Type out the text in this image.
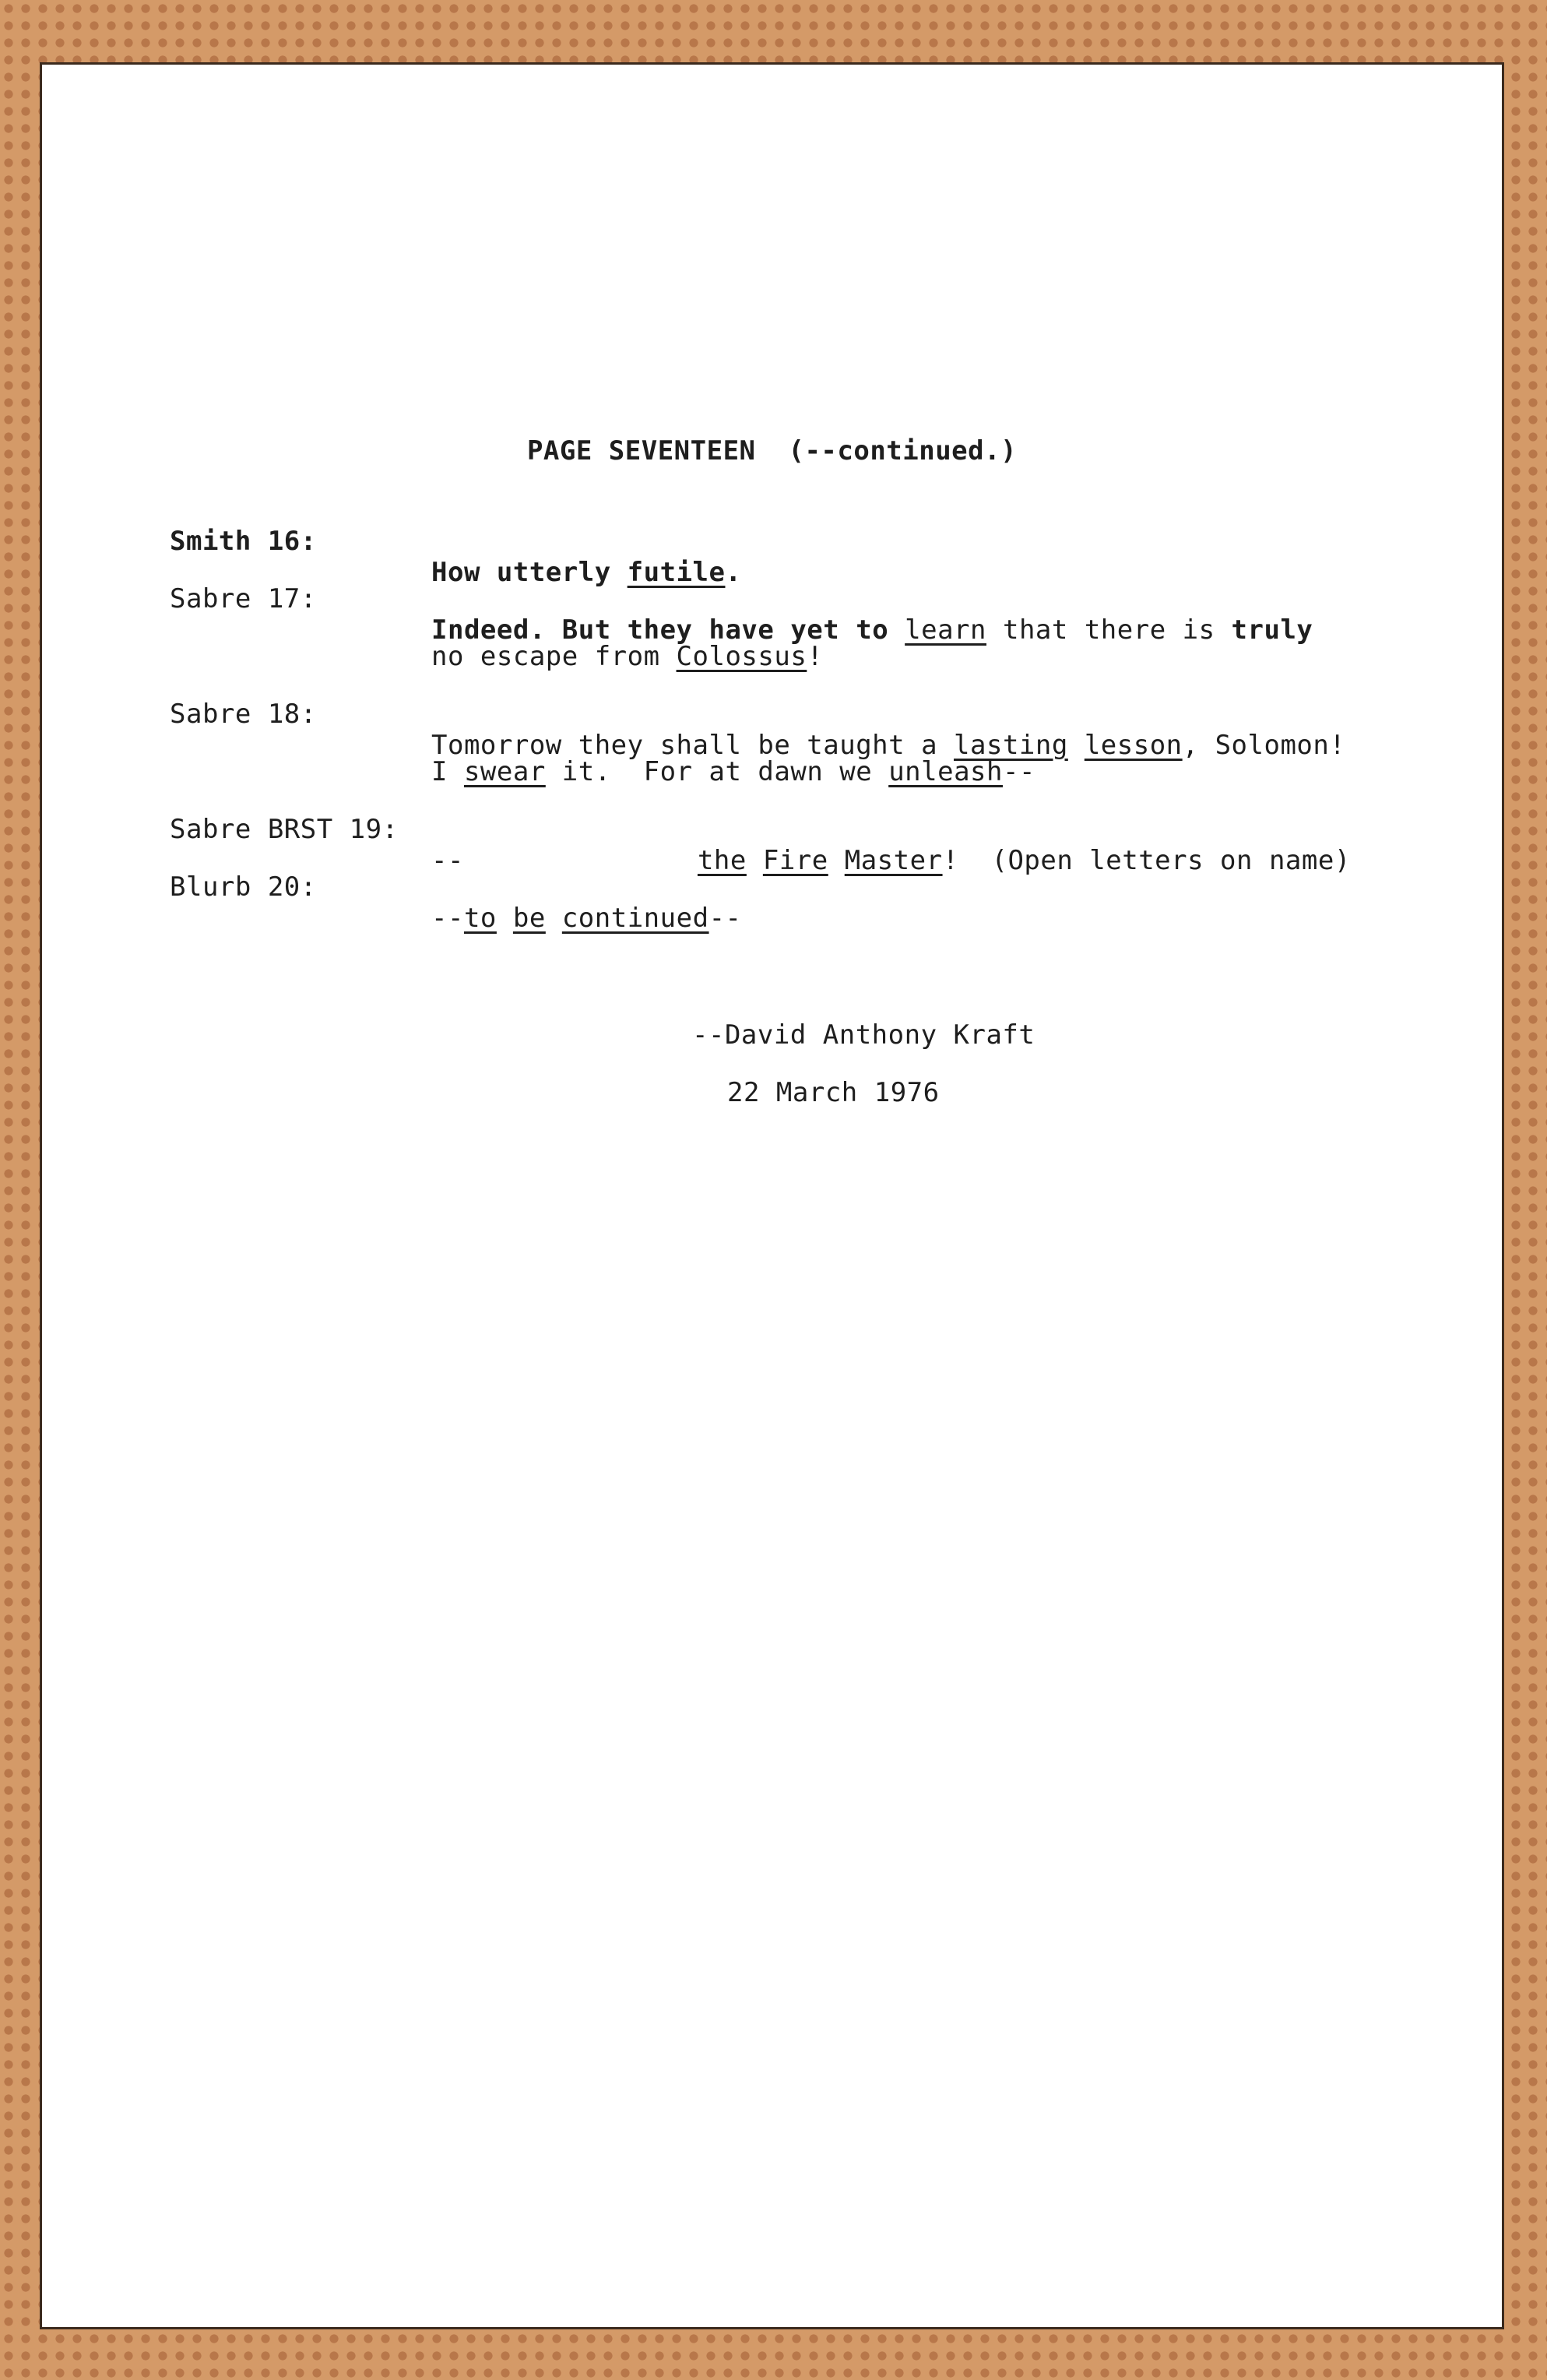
PAGE SEVENTEEN (--continued.)

Smith 16:

How utterly futile.

Sabre 17:

Indeed. But they have yet to learn that there is truly

no escape from Colossus!

Sabre 18:

Tomorrow they shall be taught a lasting lesson, Solomon!

I swear it.  For at dawn we unleash--

Sabre BRST 19:

--	the Fire Master!  (Open letters on name)

Blurb 20:

--to be continued--

--David Anthony Kraft
22 March 1976
